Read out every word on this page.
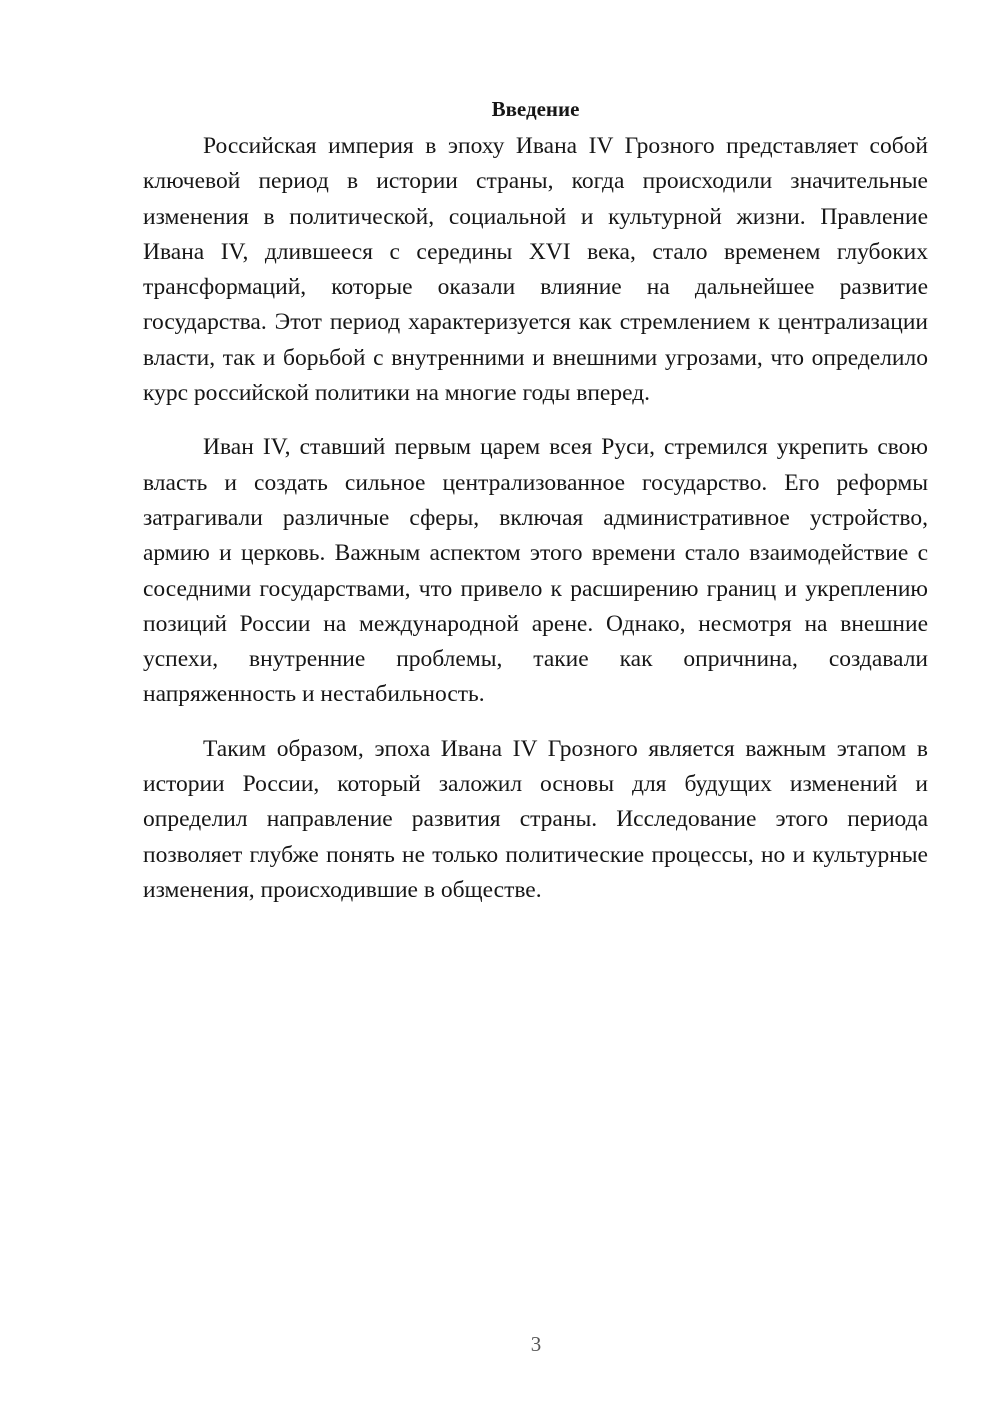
Введение

Российская империя в эпоху Ивана IV Грозного представляет собой ключевой период в истории страны, когда происходили значительные изменения в политической, социальной и культурной жизни. Правление Ивана IV, длившееся с середины XVI века, стало временем глубоких трансформаций, которые оказали влияние на дальнейшее развитие государства. Этот период характеризуется как стремлением к централизации власти, так и борьбой с внутренними и внешними угрозами, что определило курс российской политики на многие годы вперед.

Иван IV, ставший первым царем всея Руси, стремился укрепить свою власть и создать сильное централизованное государство. Его реформы затрагивали различные сферы, включая административное устройство, армию и церковь. Важным аспектом этого времени стало взаимодействие с соседними государствами, что привело к расширению границ и укреплению позиций России на международной арене. Однако, несмотря на внешние успехи, внутренние проблемы, такие как опричнина, создавали напряженность и нестабильность.

Таким образом, эпоха Ивана IV Грозного является важным этапом в истории России, который заложил основы для будущих изменений и определил направление развития страны. Исследование этого периода позволяет глубже понять не только политические процессы, но и культурные изменения, происходившие в обществе.

3
